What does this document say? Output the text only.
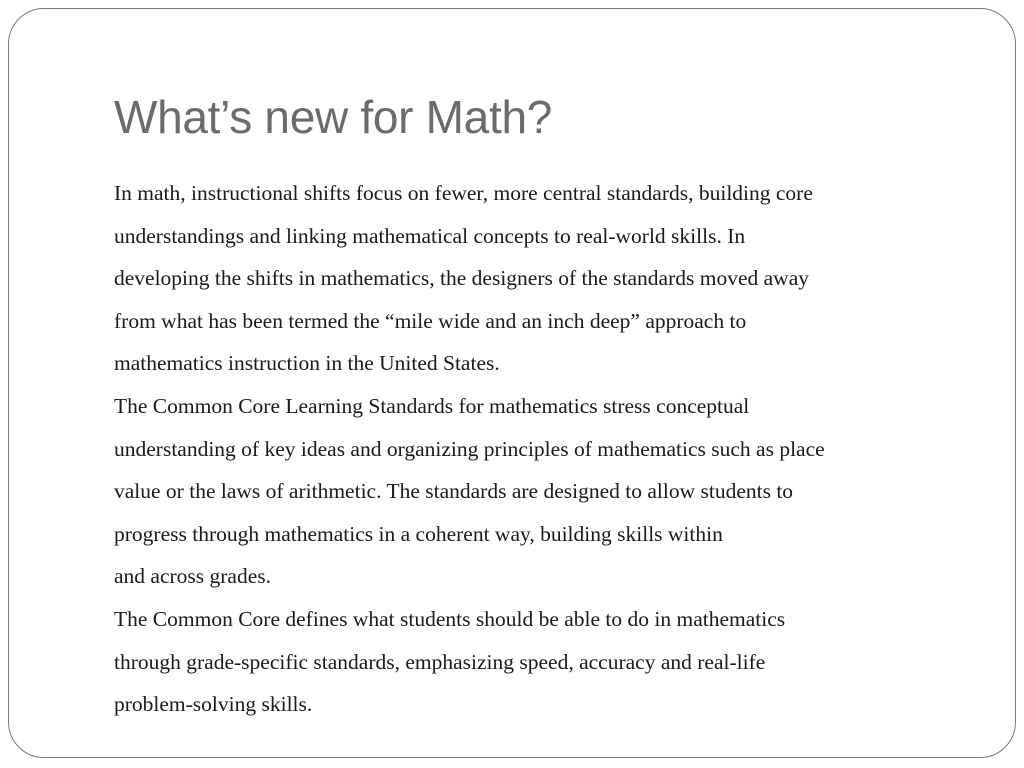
What’s new for Math?

In math, instructional shifts focus on fewer, more central standards, building core
understandings and linking mathematical concepts to real-world skills. In
developing the shifts in mathematics, the designers of the standards moved away
from what has been termed the “mile wide and an inch deep” approach to
mathematics instruction in the United States.

The Common Core Learning Standards for mathematics stress conceptual
understanding of key ideas and organizing principles of mathematics such as place
value or the laws of arithmetic. The standards are designed to allow students to
progress through mathematics in a coherent way, building skills within
and across grades.

The Common Core defines what students should be able to do in mathematics
through grade-specific standards, emphasizing speed, accuracy and real-life
problem-solving skills.
